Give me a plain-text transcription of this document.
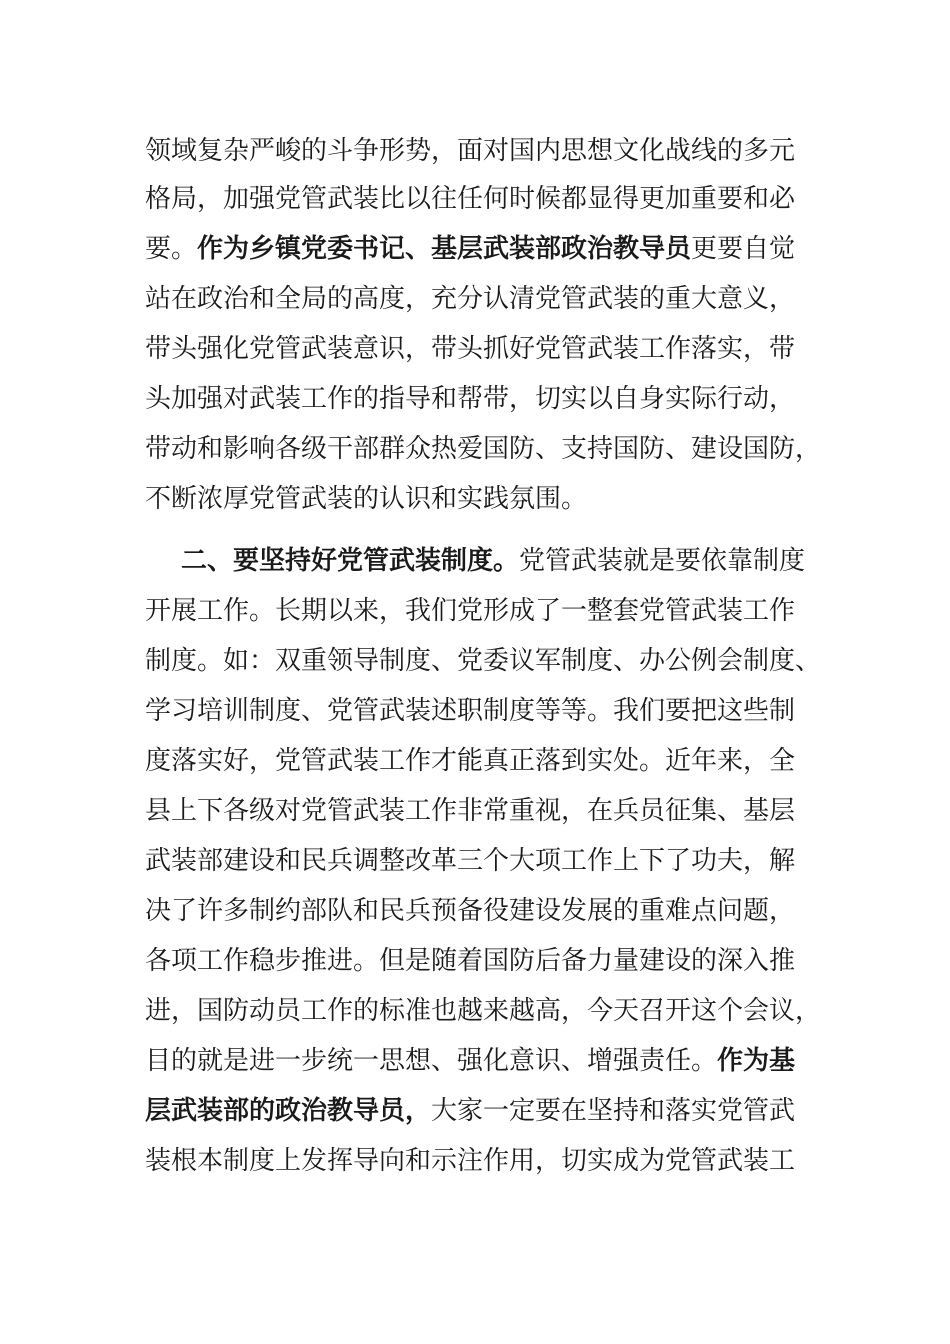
领域复杂严峻的斗争形势，面对国内思想文化战线的多元
格局，加强党管武装比以往任何时候都显得更加重要和必
要。作为乡镇党委书记、基层武装部政治教导员更要自觉
站在政治和全局的高度，充分认清党管武装的重大意义，
带头强化党管武装意识，带头抓好党管武装工作落实，带
头加强对武装工作的指导和帮带，切实以自身实际行动，
带动和影响各级干部群众热爱国防、支持国防、建设国防，
不断浓厚党管武装的认识和实践氛围。
二、要坚持好党管武装制度。党管武装就是要依靠制度
开展工作。长期以来，我们党形成了一整套党管武装工作
制度。如：双重领导制度、党委议军制度、办公例会制度、
学习培训制度、党管武装述职制度等等。我们要把这些制
度落实好，党管武装工作才能真正落到实处。近年来，全
县上下各级对党管武装工作非常重视，在兵员征集、基层
武装部建设和民兵调整改革三个大项工作上下了功夫，解
决了许多制约部队和民兵预备役建设发展的重难点问题，
各项工作稳步推进。但是随着国防后备力量建设的深入推
进，国防动员工作的标准也越来越高，今天召开这个会议，
目的就是进一步统一思想、强化意识、增强责任。作为基
层武装部的政治教导员，大家一定要在坚持和落实党管武
装根本制度上发挥导向和示注作用，切实成为党管武装工
